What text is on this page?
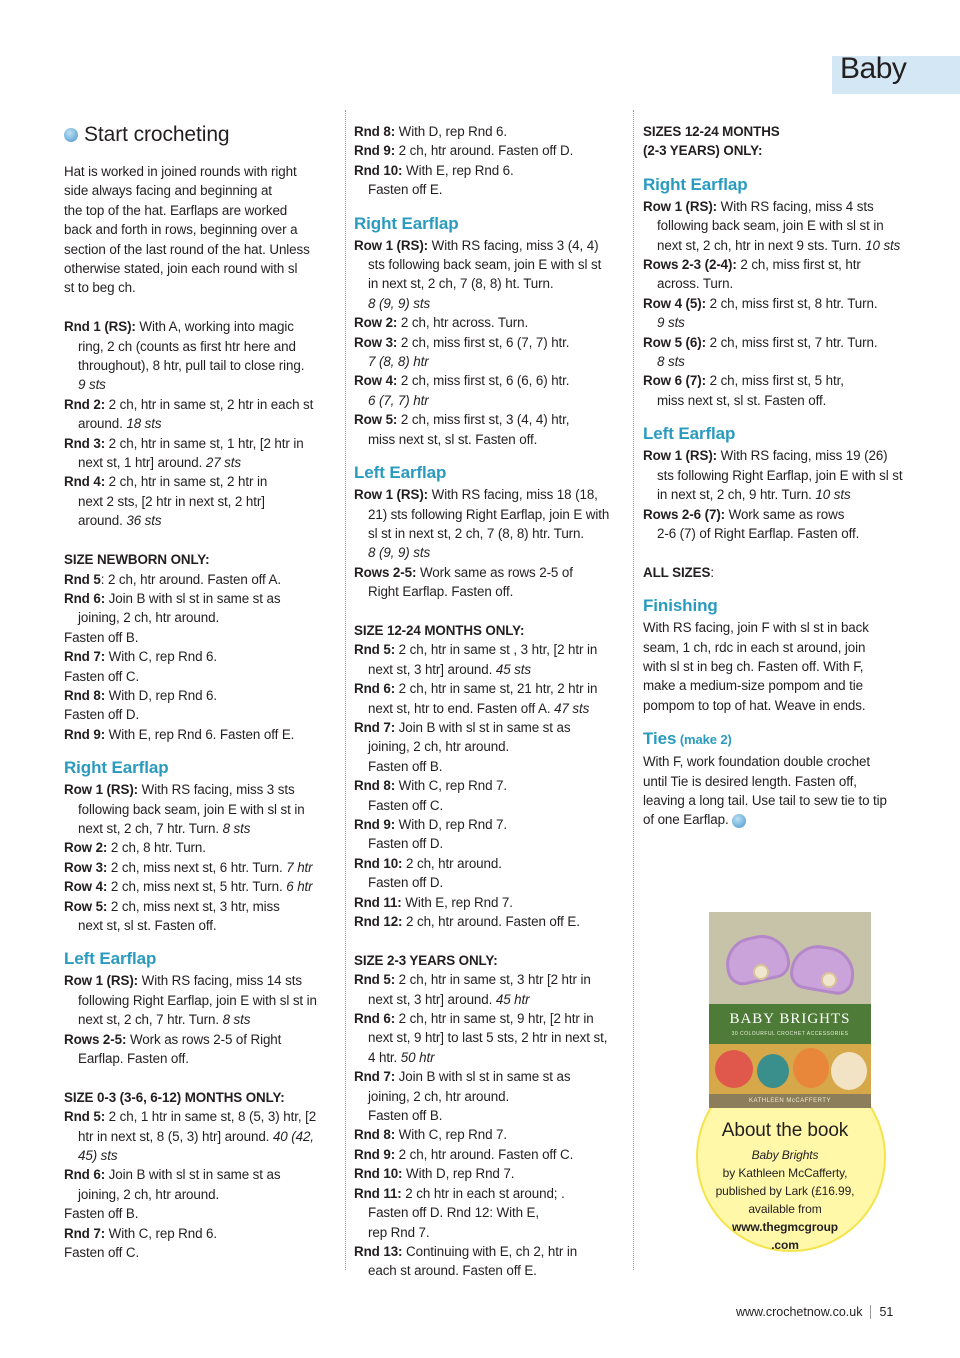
Baby
Start crocheting
Hat is worked in joined rounds with right
side always facing and beginning at
the top of the hat. Earflaps are worked
back and forth in rows, beginning over a
section of the last round of the hat. Unless
otherwise stated, join each round with sl
st to beg ch.
Rnd 1 (RS): With A, working into magic
ring, 2 ch (counts as first htr here and
throughout), 8 htr, pull tail to close ring.
9 sts
Rnd 2: 2 ch, htr in same st, 2 htr in each st
around. 18 sts
Rnd 3: 2 ch, htr in same st, 1 htr, [2 htr in
next st, 1 htr] around. 27 sts
Rnd 4: 2 ch, htr in same st, 2 htr in
next 2 sts, [2 htr in next st, 2 htr]
around. 36 sts
SIZE NEWBORN ONLY:
Rnd 5: 2 ch, htr around. Fasten off A.
Rnd 6: Join B with sl st in same st as
joining, 2 ch, htr around.
Fasten off B.
Rnd 7: With C, rep Rnd 6.
Fasten off C.
Rnd 8: With D, rep Rnd 6.
Fasten off D.
Rnd 9: With E, rep Rnd 6. Fasten off E.
Right Earflap
Row 1 (RS): With RS facing, miss 3 sts
following back seam, join E with sl st in
next st, 2 ch, 7 htr. Turn. 8 sts
Row 2: 2 ch, 8 htr. Turn.
Row 3: 2 ch, miss next st, 6 htr. Turn. 7 htr
Row 4: 2 ch, miss next st, 5 htr. Turn. 6 htr
Row 5: 2 ch, miss next st, 3 htr, miss
next st, sl st. Fasten off.
Left Earflap
Row 1 (RS): With RS facing, miss 14 sts
following Right Earflap, join E with sl st in
next st, 2 ch, 7 htr. Turn. 8 sts
Rows 2-5: Work as rows 2-5 of Right
Earflap. Fasten off.
SIZE 0-3 (3-6, 6-12) MONTHS ONLY:
Rnd 5: 2 ch, 1 htr in same st, 8 (5, 3) htr, [2
htr in next st, 8 (5, 3) htr] around. 40 (42,
45) sts
Rnd 6: Join B with sl st in same st as
joining, 2 ch, htr around.
Fasten off B.
Rnd 7: With C, rep Rnd 6.
Fasten off C.
Rnd 8: With D, rep Rnd 6.
Rnd 9: 2 ch, htr around. Fasten off D.
Rnd 10: With E, rep Rnd 6.
Fasten off E.
Right Earflap
Row 1 (RS): With RS facing, miss 3 (4, 4)
sts following back seam, join E with sl st
in next st, 2 ch, 7 (8, 8) ht. Turn.
8 (9, 9) sts
Row 2: 2 ch, htr across. Turn.
Row 3: 2 ch, miss first st, 6 (7, 7) htr.
7 (8, 8) htr
Row 4: 2 ch, miss first st, 6 (6, 6) htr.
6 (7, 7) htr
Row 5: 2 ch, miss first st, 3 (4, 4) htr,
miss next st, sl st. Fasten off.
Left Earflap
Row 1 (RS): With RS facing, miss 18 (18,
21) sts following Right Earflap, join E with
sl st in next st, 2 ch, 7 (8, 8) htr. Turn.
8 (9, 9) sts
Rows 2-5: Work same as rows 2-5 of
Right Earflap. Fasten off.
SIZE 12-24 MONTHS ONLY:
Rnd 5: 2 ch, htr in same st , 3 htr, [2 htr in
next st, 3 htr] around. 45 sts
Rnd 6: 2 ch, htr in same st, 21 htr, 2 htr in
next st, htr to end. Fasten off A. 47 sts
Rnd 7: Join B with sl st in same st as
joining, 2 ch, htr around.
Fasten off B.
Rnd 8: With C, rep Rnd 7.
Fasten off C.
Rnd 9: With D, rep Rnd 7.
Fasten off D.
Rnd 10: 2 ch, htr around.
Fasten off D.
Rnd 11: With E, rep Rnd 7.
Rnd 12: 2 ch, htr around. Fasten off E.
SIZE 2-3 YEARS ONLY:
Rnd 5: 2 ch, htr in same st, 3 htr [2 htr in
next st, 3 htr] around. 45 htr
Rnd 6: 2 ch, htr in same st, 9 htr, [2 htr in
next st, 9 htr] to last 5 sts, 2 htr in next st,
4 htr. 50 htr
Rnd 7: Join B with sl st in same st as
joining, 2 ch, htr around.
Fasten off B.
Rnd 8: With C, rep Rnd 7.
Rnd 9: 2 ch, htr around. Fasten off C.
Rnd 10: With D, rep Rnd 7.
Rnd 11: 2 ch htr in each st around; .
Fasten off D. Rnd 12: With E,
rep Rnd 7.
Rnd 13: Continuing with E, ch 2, htr in
each st around. Fasten off E.
SIZES 12-24 MONTHS
(2-3 YEARS) ONLY:
Right Earflap
Row 1 (RS): With RS facing, miss 4 sts
following back seam, join E with sl st in
next st, 2 ch, htr in next 9 sts. Turn. 10 sts
Rows 2-3 (2-4): 2 ch, miss first st, htr
across. Turn.
Row 4 (5): 2 ch, miss first st, 8 htr. Turn.
9 sts
Row 5 (6): 2 ch, miss first st, 7 htr. Turn.
8 sts
Row 6 (7): 2 ch, miss first st, 5 htr,
miss next st, sl st. Fasten off.
Left Earflap
Row 1 (RS): With RS facing, miss 19 (26)
sts following Right Earflap, join E with sl st
in next st, 2 ch, 9 htr. Turn. 10 sts
Rows 2-6 (7): Work same as rows
2-6 (7) of Right Earflap. Fasten off.
ALL SIZES:
Finishing
With RS facing, join F with sl st in back
seam, 1 ch, rdc in each st around, join
with sl st in beg ch. Fasten off. With F,
make a medium-size pompom and tie
pompom to top of hat. Weave in ends.
Ties (make 2)
With F, work foundation double crochet
until Tie is desired length. Fasten off,
leaving a long tail. Use tail to sew tie to tip
of one Earflap.
BABY BRIGHTS
30 COLOURFUL CROCHET ACCESSORIES
KATHLEEN McCAFFERTY
About the book
Baby Brights
by Kathleen McCafferty,
published by Lark (£16.99,
available from
www.thegmcgroup
.com
www.crochetnow.co.uk 51
